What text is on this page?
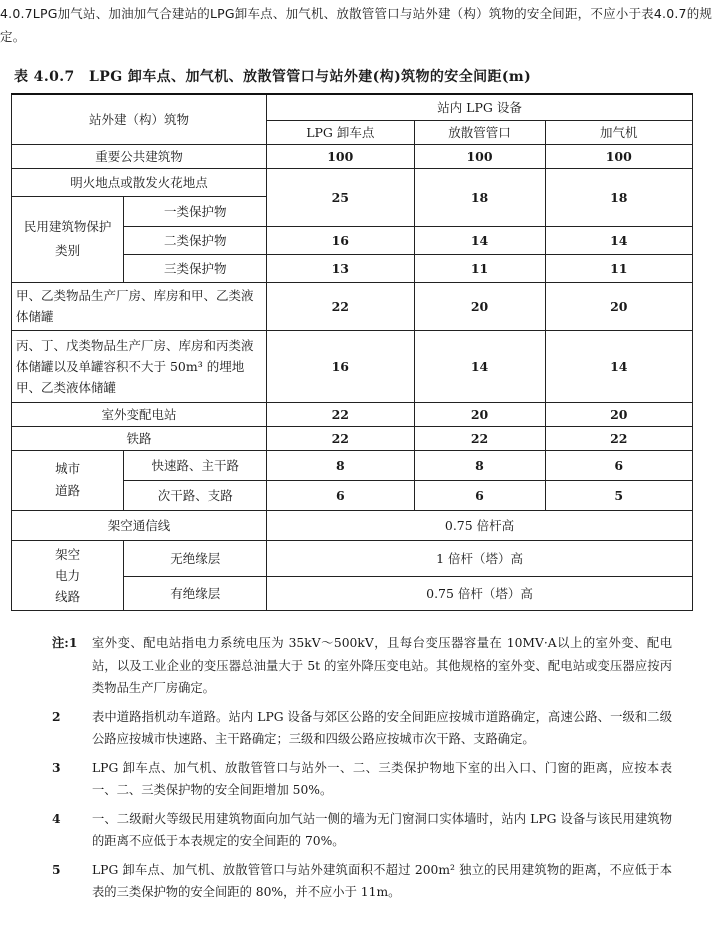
4.0.7LPG加气站、加油加气合建站的LPG卸车点、加气机、放散管管口与站外建（构）筑物的安全间距，不应小于表4.0.7的规定。
表 4.0.7　LPG 卸车点、加气机、放散管管口与站外建(构)筑物的安全间距(m)
站外建（构）筑物		站内 LPG 设备		
		LPG 卸车点	放散管管口	加气机
重要公共建筑物		100	100	100
明火地点或散发火花地点		25	18	18

民用建筑物保护类别	一类保护物			
	二类保护物	16	14	14
	三类保护物	13	11	11
甲、乙类物品生产厂房、库房和甲、乙类液体储罐		22	20	20
丙、丁、戊类物品生产厂房、库房和丙类液体储罐以及单罐容积不大于 50m³ 的埋地甲、乙类液体储罐		16	14	14
室外变配电站		22	20	20
铁路		22	22	22

城市道路	快速路、主干路	8	8	6
	次干路、支路	6	6	5
架空通信线		0.75 倍杆高		

架空电力线路	无绝缘层	1 倍杆（塔）高		
	有绝缘层	0.75 倍杆（塔）高		
注:1	室外变、配电站指电力系统电压为 35kV～500kV，且每台变压器容量在 10MV·A以上的室外变、配电站，以及工业企业的变压器总油量大于 5t 的室外降压变电站。其他规格的室外变、配电站或变压器应按丙类物品生产厂房确定。
2	表中道路指机动车道路。站内 LPG 设备与郊区公路的安全间距应按城市道路确定，高速公路、一级和二级公路应按城市快速路、主干路确定；三级和四级公路应按城市次干路、支路确定。
3	LPG 卸车点、加气机、放散管管口与站外一、二、三类保护物地下室的出入口、门窗的距离，应按本表一、二、三类保护物的安全间距增加 50%。
4	一、二级耐火等级民用建筑物面向加气站一侧的墙为无门窗洞口实体墙时，站内 LPG 设备与该民用建筑物的距离不应低于本表规定的安全间距的 70%。
5	LPG 卸车点、加气机、放散管管口与站外建筑面积不超过 200m² 独立的民用建筑物的距离，不应低于本表的三类保护物的安全间距的 80%，并不应小于 11m。
